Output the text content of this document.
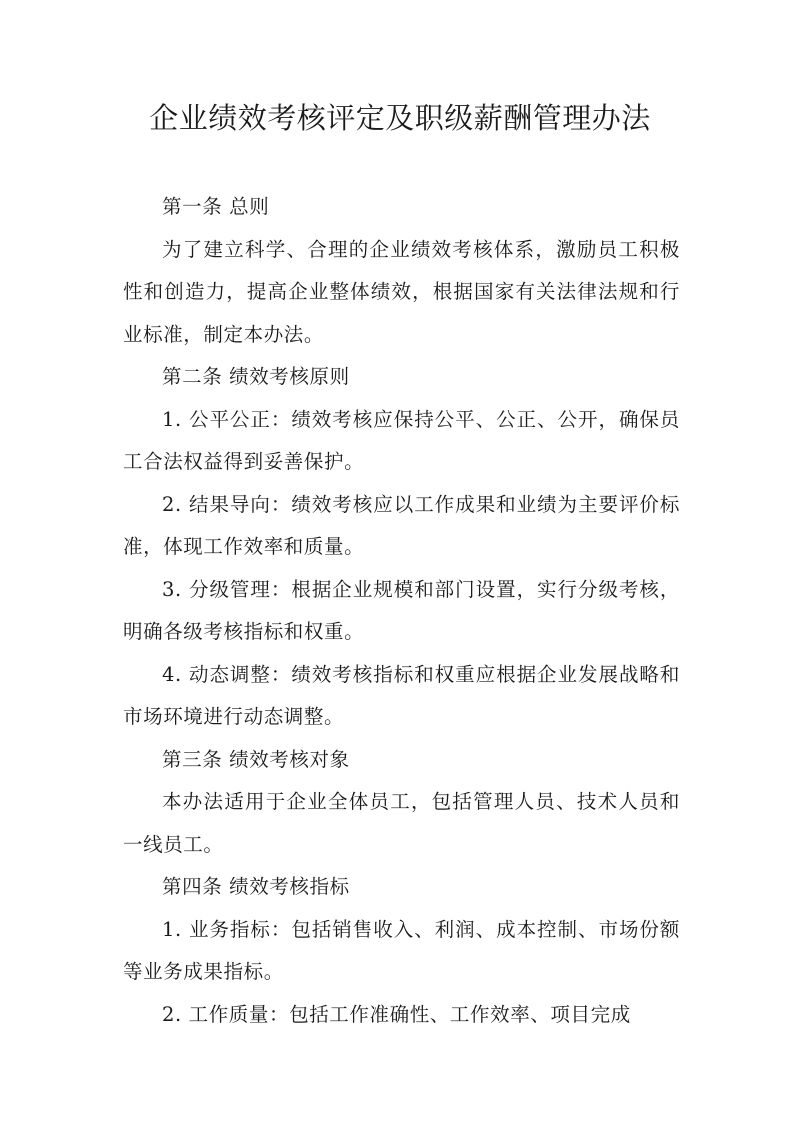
企业绩效考核评定及职级薪酬管理办法

第一条 总则

为了建立科学、合理的企业绩效考核体系，激励员工积极性和创造力，提高企业整体绩效，根据国家有关法律法规和行业标准，制定本办法。

第二条 绩效考核原则

1. 公平公正：绩效考核应保持公平、公正、公开，确保员工合法权益得到妥善保护。

2. 结果导向：绩效考核应以工作成果和业绩为主要评价标准，体现工作效率和质量。

3. 分级管理：根据企业规模和部门设置，实行分级考核，明确各级考核指标和权重。

4. 动态调整：绩效考核指标和权重应根据企业发展战略和市场环境进行动态调整。

第三条 绩效考核对象

本办法适用于企业全体员工，包括管理人员、技术人员和一线员工。

第四条 绩效考核指标

1. 业务指标：包括销售收入、利润、成本控制、市场份额等业务成果指标。

2. 工作质量：包括工作准确性、工作效率、项目完成
